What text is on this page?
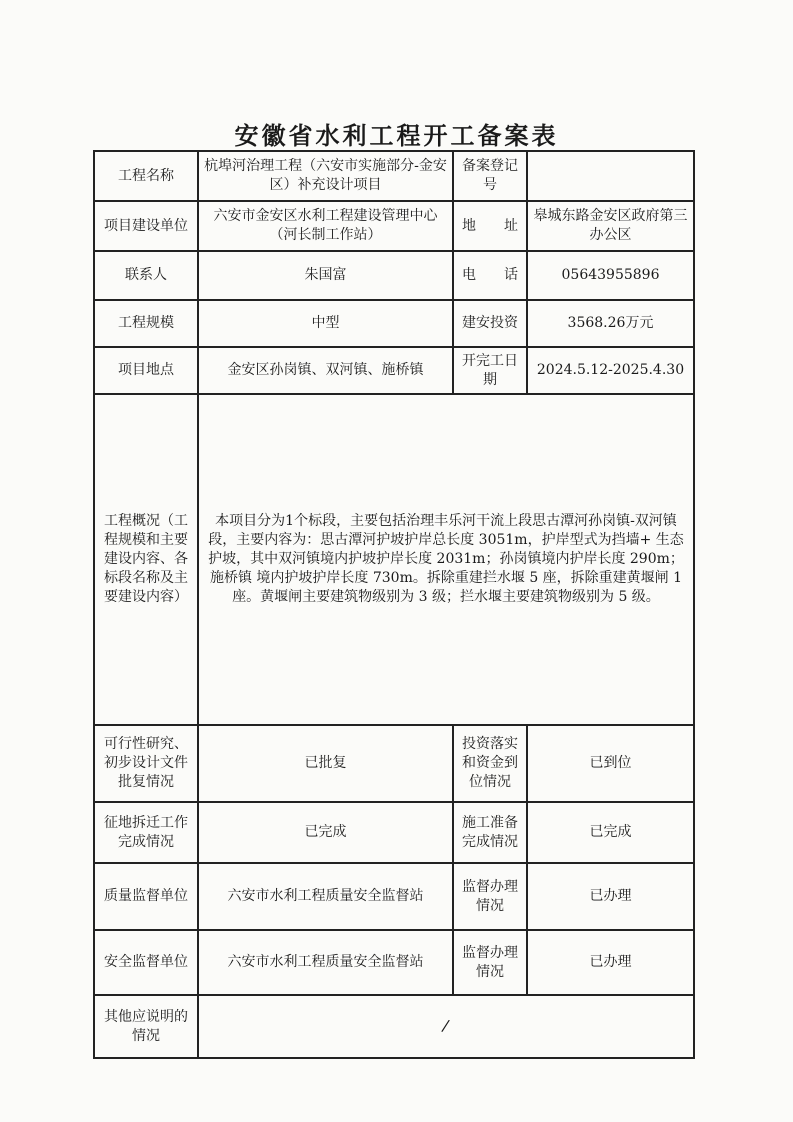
安徽省水利工程开工备案表
工程名称	杭埠河治理工程（六安市实施部分-金安区）补充设计项目	备案登记号	
项目建设单位	六安市金安区水利工程建设管理中心（河长制工作站）	地　　址	皋城东路金安区政府第三办公区
联系人	朱国富	电　　话	05643955896
工程规模	中型	建安投资	3568.26万元
项目地点	金安区孙岗镇、双河镇、施桥镇	开完工日期	2024.5.12-2025.4.30
工程概况（工程规模和主要建设内容、各标段名称及主要建设内容）	本项目分为1个标段，主要包括治理丰乐河干流上段思古潭河孙岗镇-双河镇段，主要内容为：思古潭河护坡护岸总长度 3051m，护岸型式为挡墙+ 生态护坡，其中双河镇境内护坡护岸长度 2031m；孙岗镇境内护岸长度 290m；施桥镇 境内护坡护岸长度 730m。拆除重建拦水堰 5 座，拆除重建黄堰闸 1 座。黄堰闸主要建筑物级别为 3 级；拦水堰主要建筑物级别为 5 级。		
可行性研究、初步设计文件批复情况	已批复	投资落实和资金到位情况	已到位
征地拆迁工作完成情况	已完成	施工准备完成情况	已完成
质量监督单位	六安市水利工程质量安全监督站	监督办理情况	已办理
安全监督单位	六安市水利工程质量安全监督站	监督办理情况	已办理
其他应说明的情况	/		
